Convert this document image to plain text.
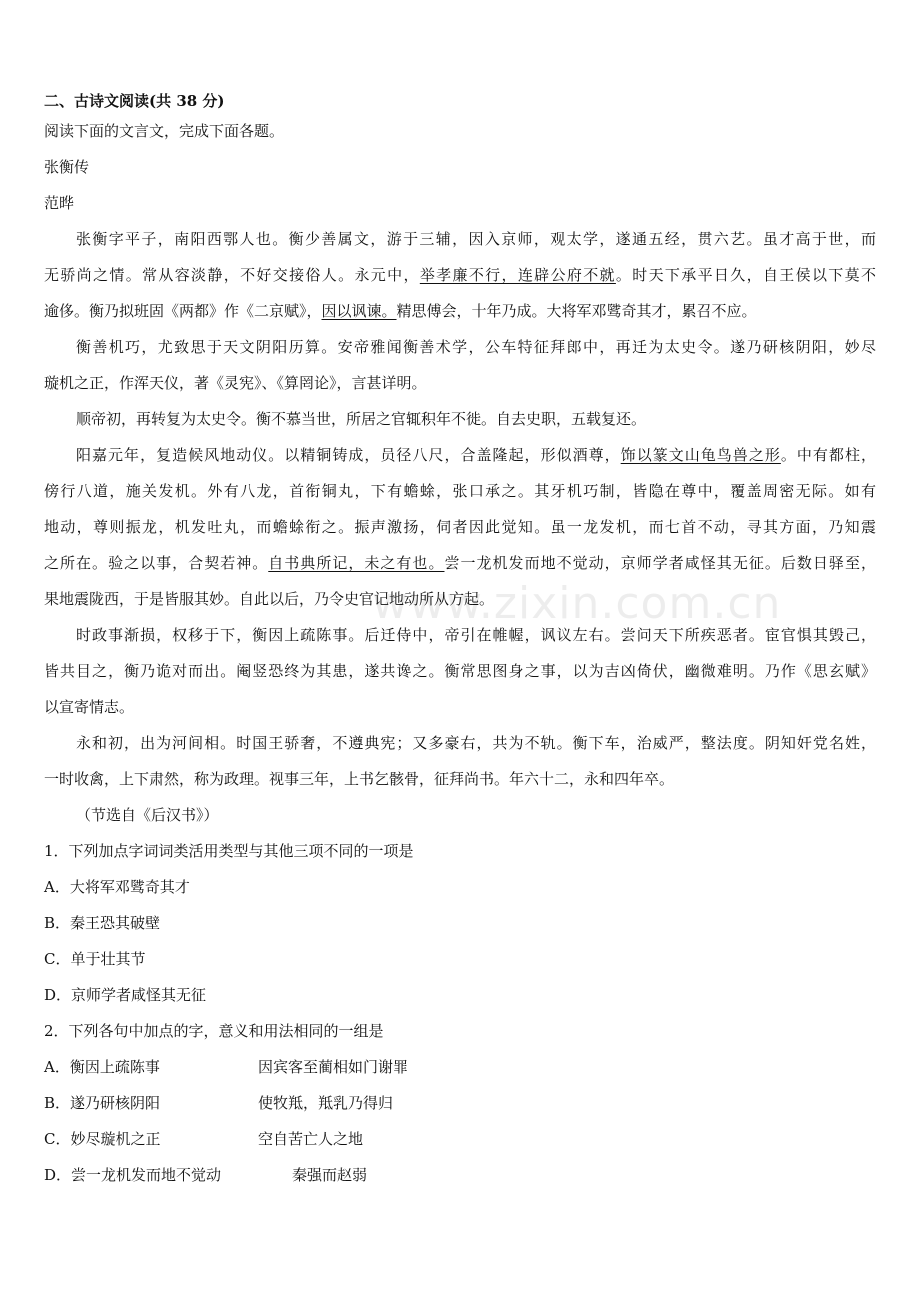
www.zixin.com.cn
二、古诗文阅读(共 38 分)
阅读下面的文言文，完成下面各题。
张衡传
范晔
张衡字平子，南阳西鄂人也。衡少善属文，游于三辅，因入京师，观太学，遂通五经，贯六艺。虽才高于世，而
无骄尚之情。常从容淡静，不好交接俗人。永元中，举孝廉不行，连辟公府不就。时天下承平日久，自王侯以下莫不
逾侈。衡乃拟班固《两都》作《二京赋》，因以讽谏。精思傅会，十年乃成。大将军邓骘奇其才，累召不应。
衡善机巧，尤致思于天文阴阳历算。安帝雅闻衡善术学，公车特征拜郎中，再迁为太史令。遂乃研核阴阳，妙尽
璇机之正，作浑天仪，著《灵宪》、《算罔论》，言甚详明。
顺帝初，再转复为太史令。衡不慕当世，所居之官辄积年不徙。自去史职，五载复还。
阳嘉元年，复造候风地动仪。以精铜铸成，员径八尺，合盖隆起，形似酒尊，饰以篆文山龟鸟兽之形。中有都柱，
傍行八道，施关发机。外有八龙，首衔铜丸，下有蟾蜍，张口承之。其牙机巧制，皆隐在尊中，覆盖周密无际。如有
地动，尊则振龙，机发吐丸，而蟾蜍衔之。振声激扬，伺者因此觉知。虽一龙发机，而七首不动，寻其方面，乃知震
之所在。验之以事，合契若神。自书典所记，未之有也。尝一龙机发而地不觉动，京师学者咸怪其无征。后数日驿至，
果地震陇西，于是皆服其妙。自此以后，乃令史官记地动所从方起。
时政事渐损，权移于下，衡因上疏陈事。后迁侍中，帝引在帷幄，讽议左右。尝问天下所疾恶者。宦官惧其毁己，
皆共目之，衡乃诡对而出。阉竖恐终为其患，遂共谗之。衡常思图身之事，以为吉凶倚伏，幽微难明。乃作《思玄赋》
以宣寄情志。
永和初，出为河间相。时国王骄奢，不遵典宪；又多豪右，共为不轨。衡下车，治威严，整法度。阴知奸党名姓，
一时收禽，上下肃然，称为政理。视事三年，上书乞骸骨，征拜尚书。年六十二，永和四年卒。
（节选自《后汉书》）
1．下列加点字词词类活用类型与其他三项不同的一项是
A．大将军邓骘奇其才
B．秦王恐其破壁
C．单于壮其节
D．京师学者咸怪其无征
2．下列各句中加点的字，意义和用法相同的一组是
A．衡因上疏陈事	因宾客至蔺相如门谢罪
B．遂乃研核阴阳	使牧羝，羝乳乃得归
C．妙尽璇机之正	空自苦亡人之地
D．尝一龙机发而地不觉动	秦强而赵弱
